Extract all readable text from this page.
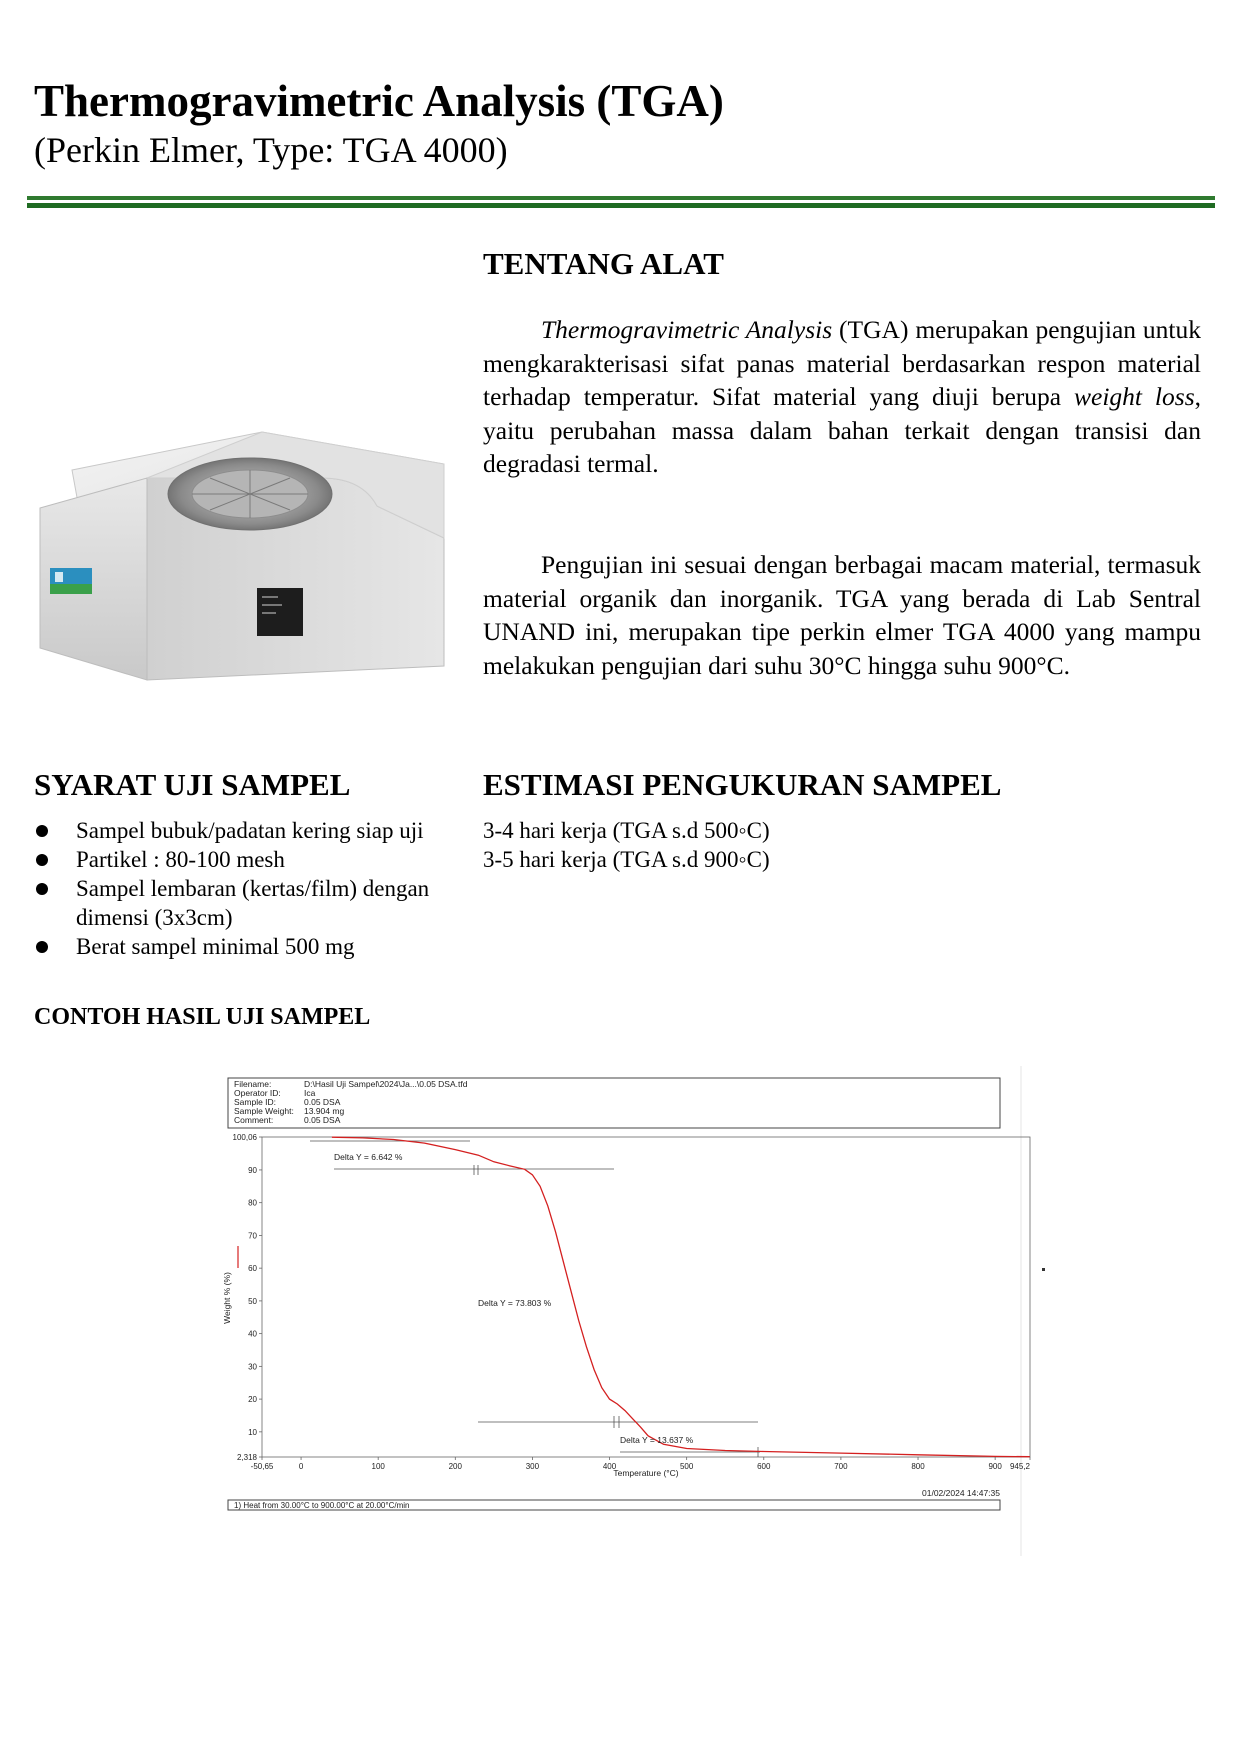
Thermogravimetric Analysis (TGA)
(Perkin Elmer, Type: TGA 4000)
TENTANG ALAT
Thermogravimetric Analysis (TGA) merupakan pengujian untuk mengkarakterisasi sifat panas material berdasarkan respon material terhadap temperatur. Sifat material yang diuji berupa weight loss, yaitu perubahan massa dalam bahan terkait dengan transisi dan degradasi termal.
Pengujian ini sesuai dengan berbagai macam material, termasuk material organik dan inorganik. TGA yang berada di Lab Sentral UNAND ini, merupakan tipe perkin elmer TGA 4000 yang mampu melakukan pengujian dari suhu 30°C hingga suhu 900°C.
SYARAT UJI SAMPEL
Sampel bubuk/padatan kering siap uji
Partikel : 80-100 mesh
Sampel lembaran (kertas/film) dengan dimensi (3x3cm)
Berat sampel minimal 500 mg
ESTIMASI PENGUKURAN SAMPEL
3-4 hari kerja (TGA s.d 500◦C)
3-5 hari kerja (TGA s.d 900◦C)
CONTOH HASIL UJI SAMPEL
Filename:	D:\Hasil Uji Sampel\2024\Ja...\0.05 DSA.tfd
Operator ID:	Ica
Sample ID:	0.05 DSA
Sample Weight: 13.904 mg
Comment:	0.05 DSA
2,318
10
20
30
40
50
60
70
80
90
100,06
-50,65	0	100	200	300	400	500	600	700	800	900 945,2
Weight % (%)
Temperature (°C)
Delta Y = 6.642 %
Delta Y = 73.803 %
Delta Y = 13.637 %
01/02/2024 14:47:35
1) Heat from 30.00°C to 900.00°C at 20.00°C/min
